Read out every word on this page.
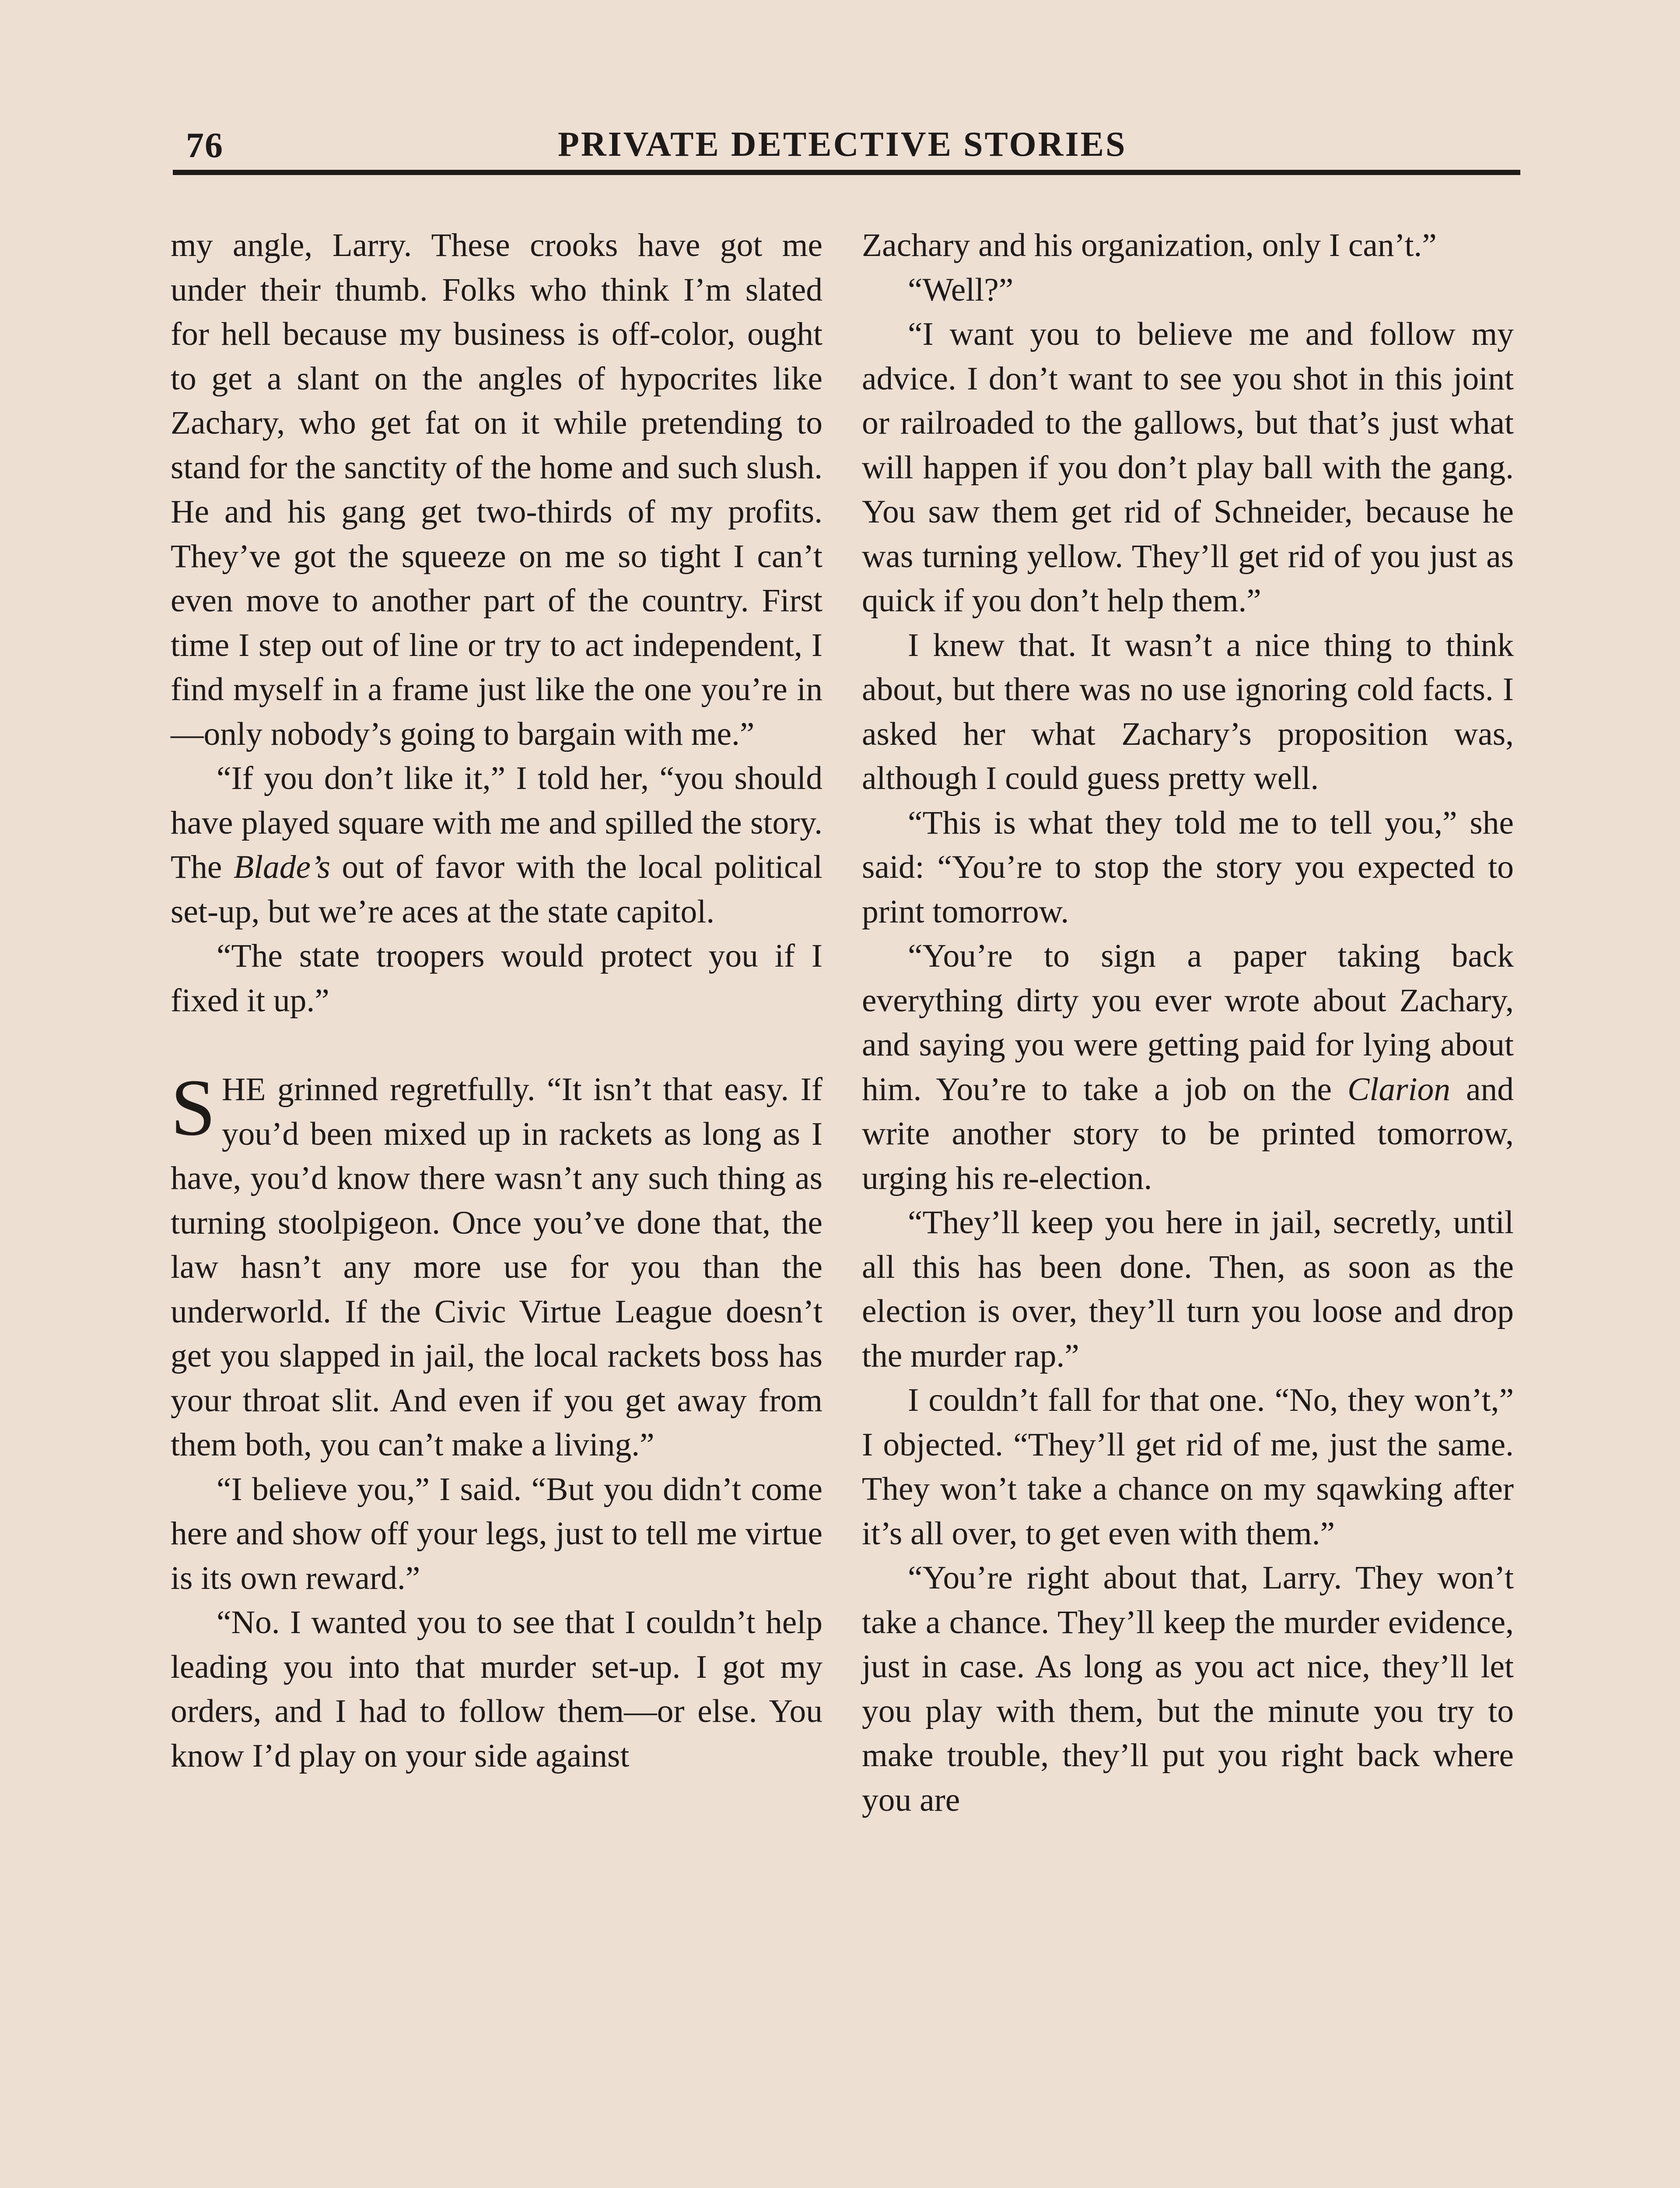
76	PRIVATE DETECTIVE STORIES

my angle, Larry. These crooks have got me under their thumb. Folks who think I’m slated for hell because my business is off-color, ought to get a slant on the angles of hypocrites like Zachary, who get fat on it while pretending to stand for the sanctity of the home and such slush. He and his gang get two-thirds of my profits. They’ve got the squeeze on me so tight I can’t even move to another part of the country. First time I step out of line or try to act independent, I find myself in a frame just like the one you’re in—only nobody’s going to bargain with me.”

“If you don’t like it,” I told her, “you should have played square with me and spilled the story. The Blade’s out of favor with the local political set-up, but we’re aces at the state capitol.

“The state troopers would protect you if I fixed it up.”

SHE grinned regretfully. “It isn’t that easy. If you’d been mixed up in rackets as long as I have, you’d know there wasn’t any such thing as turning stoolpigeon. Once you’ve done that, the law hasn’t any more use for you than the underworld. If the Civic Virtue League doesn’t get you slapped in jail, the local rackets boss has your throat slit. And even if you get away from them both, you can’t make a living.”

“I believe you,” I said. “But you didn’t come here and show off your legs, just to tell me virtue is its own reward.”

“No. I wanted you to see that I couldn’t help leading you into that murder set-up. I got my orders, and I had to follow them—or else. You know I’d play on your side against

Zachary and his organization, only I can’t.”

“Well?”

“I want you to believe me and follow my advice. I don’t want to see you shot in this joint or railroaded to the gallows, but that’s just what will happen if you don’t play ball with the gang. You saw them get rid of Schneider, because he was turning yellow. They’ll get rid of you just as quick if you don’t help them.”

I knew that. It wasn’t a nice thing to think about, but there was no use ignoring cold facts. I asked her what Zachary’s proposition was, although I could guess pretty well.

“This is what they told me to tell you,” she said: “You’re to stop the story you expected to print tomorrow.

“You’re to sign a paper taking back everything dirty you ever wrote about Zachary, and saying you were getting paid for lying about him. You’re to take a job on the Clarion and write another story to be printed tomorrow, urging his re-election.

“They’ll keep you here in jail, secretly, until all this has been done. Then, as soon as the election is over, they’ll turn you loose and drop the murder rap.”

I couldn’t fall for that one. “No, they won’t,” I objected. “They’ll get rid of me, just the same. They won’t take a chance on my sqawking after it’s all over, to get even with them.”

“You’re right about that, Larry. They won’t take a chance. They’ll keep the murder evidence, just in case. As long as you act nice, they’ll let you play with them, but the minute you try to make trouble, they’ll put you right back where you are
